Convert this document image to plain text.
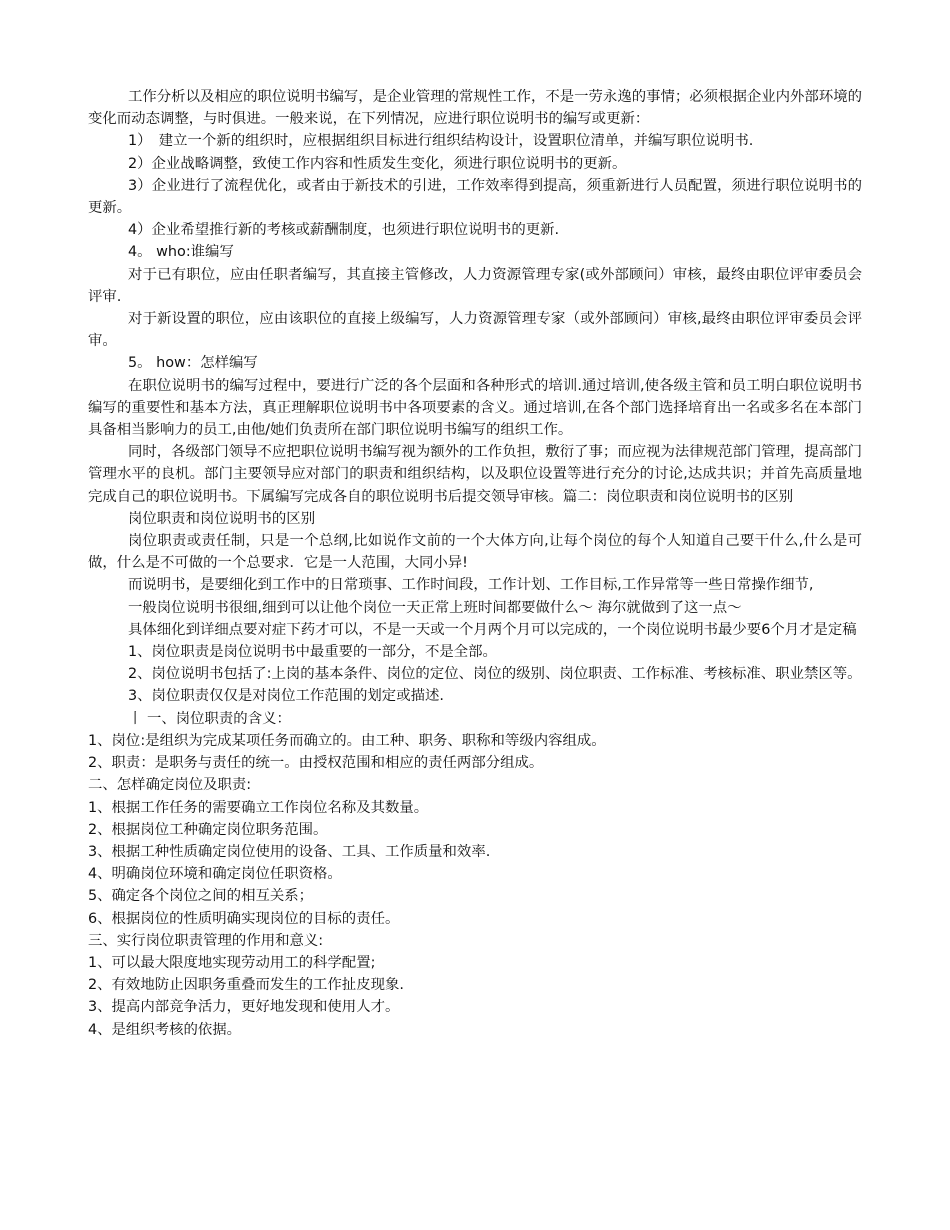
工作分析以及相应的职位说明书编写，是企业管理的常规性工作，不是一劳永逸的事情；必须根据企业内外部环境的变化而动态调整，与时俱进。一般来说，在下列情况，应进行职位说明书的编写或更新：

1）　建立一个新的组织时，应根据组织目标进行组织结构设计，设置职位清单，并编写职位说明书.

2）企业战略调整，致使工作内容和性质发生变化，须进行职位说明书的更新。

3）企业进行了流程优化，或者由于新技术的引进，工作效率得到提高，须重新进行人员配置，须进行职位说明书的更新。

4）企业希望推行新的考核或薪酬制度，也须进行职位说明书的更新.

4。 who:谁编写

对于已有职位，应由任职者编写，其直接主管修改，人力资源管理专家(或外部顾问）审核，最终由职位评审委员会评审.

对于新设置的职位，应由该职位的直接上级编写，人力资源管理专家（或外部顾问）审核,最终由职位评审委员会评审。

5。 how：怎样编写

在职位说明书的编写过程中，要进行广泛的各个层面和各种形式的培训.通过培训,使各级主管和员工明白职位说明书编写的重要性和基本方法，真正理解职位说明书中各项要素的含义。通过培训,在各个部门选择培育出一名或多名在本部门具备相当影响力的员工,由他/她们负责所在部门职位说明书编写的组织工作。

同时，各级部门领导不应把职位说明书编写视为额外的工作负担，敷衍了事；而应视为法律规范部门管理，提高部门管理水平的良机。部门主要领导应对部门的职责和组织结构，以及职位设置等进行充分的讨论,达成共识；并首先高质量地完成自己的职位说明书。下属编写完成各自的职位说明书后提交领导审核。篇二：岗位职责和岗位说明书的区别

岗位职责和岗位说明书的区别

岗位职责或责任制，只是一个总纲,比如说作文前的一个大体方向,让每个岗位的每个人知道自己要干什么,什么是可做，什么是不可做的一个总要求．它是一人范围，大同小异!

而说明书，是要细化到工作中的日常琐事、工作时间段，工作计划、工作目标,工作异常等一些日常操作细节,

一般岗位说明书很细,细到可以让他个岗位一天正常上班时间都要做什么～ 海尔就做到了这一点～

具体细化到详细点要对症下药才可以，不是一天或一个月两个月可以完成的，一个岗位说明书最少要6个月才是定稿

1、岗位职责是岗位说明书中最重要的一部分，不是全部。

2、岗位说明书包括了:上岗的基本条件、岗位的定位、岗位的级别、岗位职责、工作标准、考核标准、职业禁区等。

3、岗位职责仅仅是对岗位工作范围的划定或描述.

丨 一、岗位职责的含义：

1、岗位:是组织为完成某项任务而确立的。由工种、职务、职称和等级内容组成。

2、职责：是职务与责任的统一。由授权范围和相应的责任两部分组成。

二、怎样确定岗位及职责:

1、根据工作任务的需要确立工作岗位名称及其数量。

2、根据岗位工种确定岗位职务范围。

3、根据工种性质确定岗位使用的设备、工具、工作质量和效率.

4、明确岗位环境和确定岗位任职资格。

5、确定各个岗位之间的相互关系；

6、根据岗位的性质明确实现岗位的目标的责任。

三、实行岗位职责管理的作用和意义:

1、可以最大限度地实现劳动用工的科学配置;

2、有效地防止因职务重叠而发生的工作扯皮现象.

3、提高内部竞争活力，更好地发现和使用人才。

4、是组织考核的依据。
